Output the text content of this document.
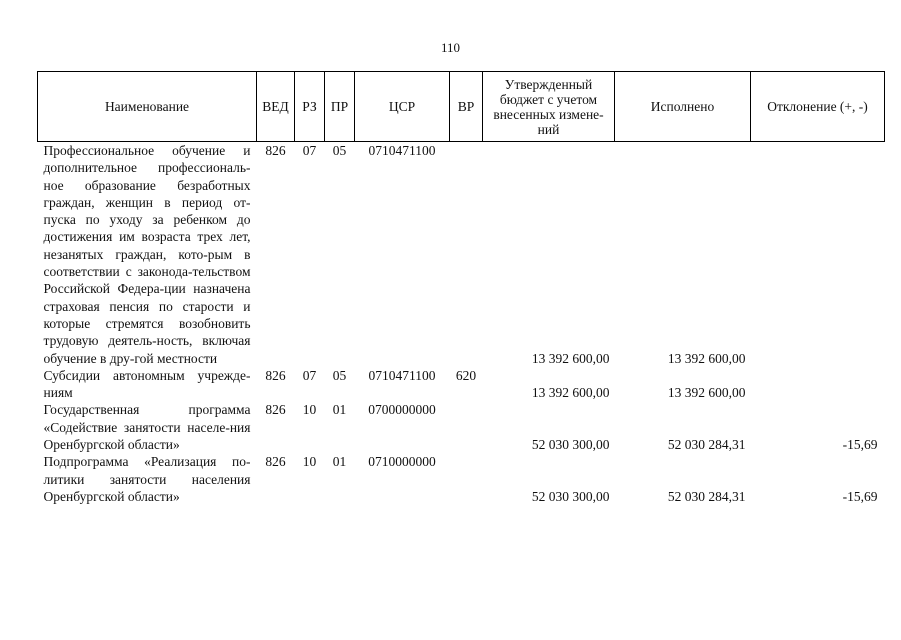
110
Наименование	ВЕД	РЗ	ПР	ЦСР	ВР	Утвержденный бюджет с учетом внесенных измене-ний	Исполнено	Отклонение (+, -)
Профессиональное обучение и дополнительное профессиональ-ное образование безработных граждан, женщин в период от-пуска по уходу за ребенком до достижения им возраста трех лет, незанятых граждан, кото-рым в соответствии с законода-тельством Российской Федера-ции назначена страховая пенсия по старости и которые стремятся возобновить трудовую деятель-ность, включая обучение в дру-гой местности	826	07	05	0710471100		13 392 600,00	13 392 600,00	
Субсидии автономным учрежде-ниям	826	07	05	0710471100	620	13 392 600,00	13 392 600,00	
Государственная программа «Содействие занятости населе-ния Оренбургской области»	826	10	01	0700000000		52 030 300,00	52 030 284,31	-15,69
Подпрограмма «Реализация по-литики занятости населения Оренбургской области»	826	10	01	0710000000		52 030 300,00	52 030 284,31	-15,69
